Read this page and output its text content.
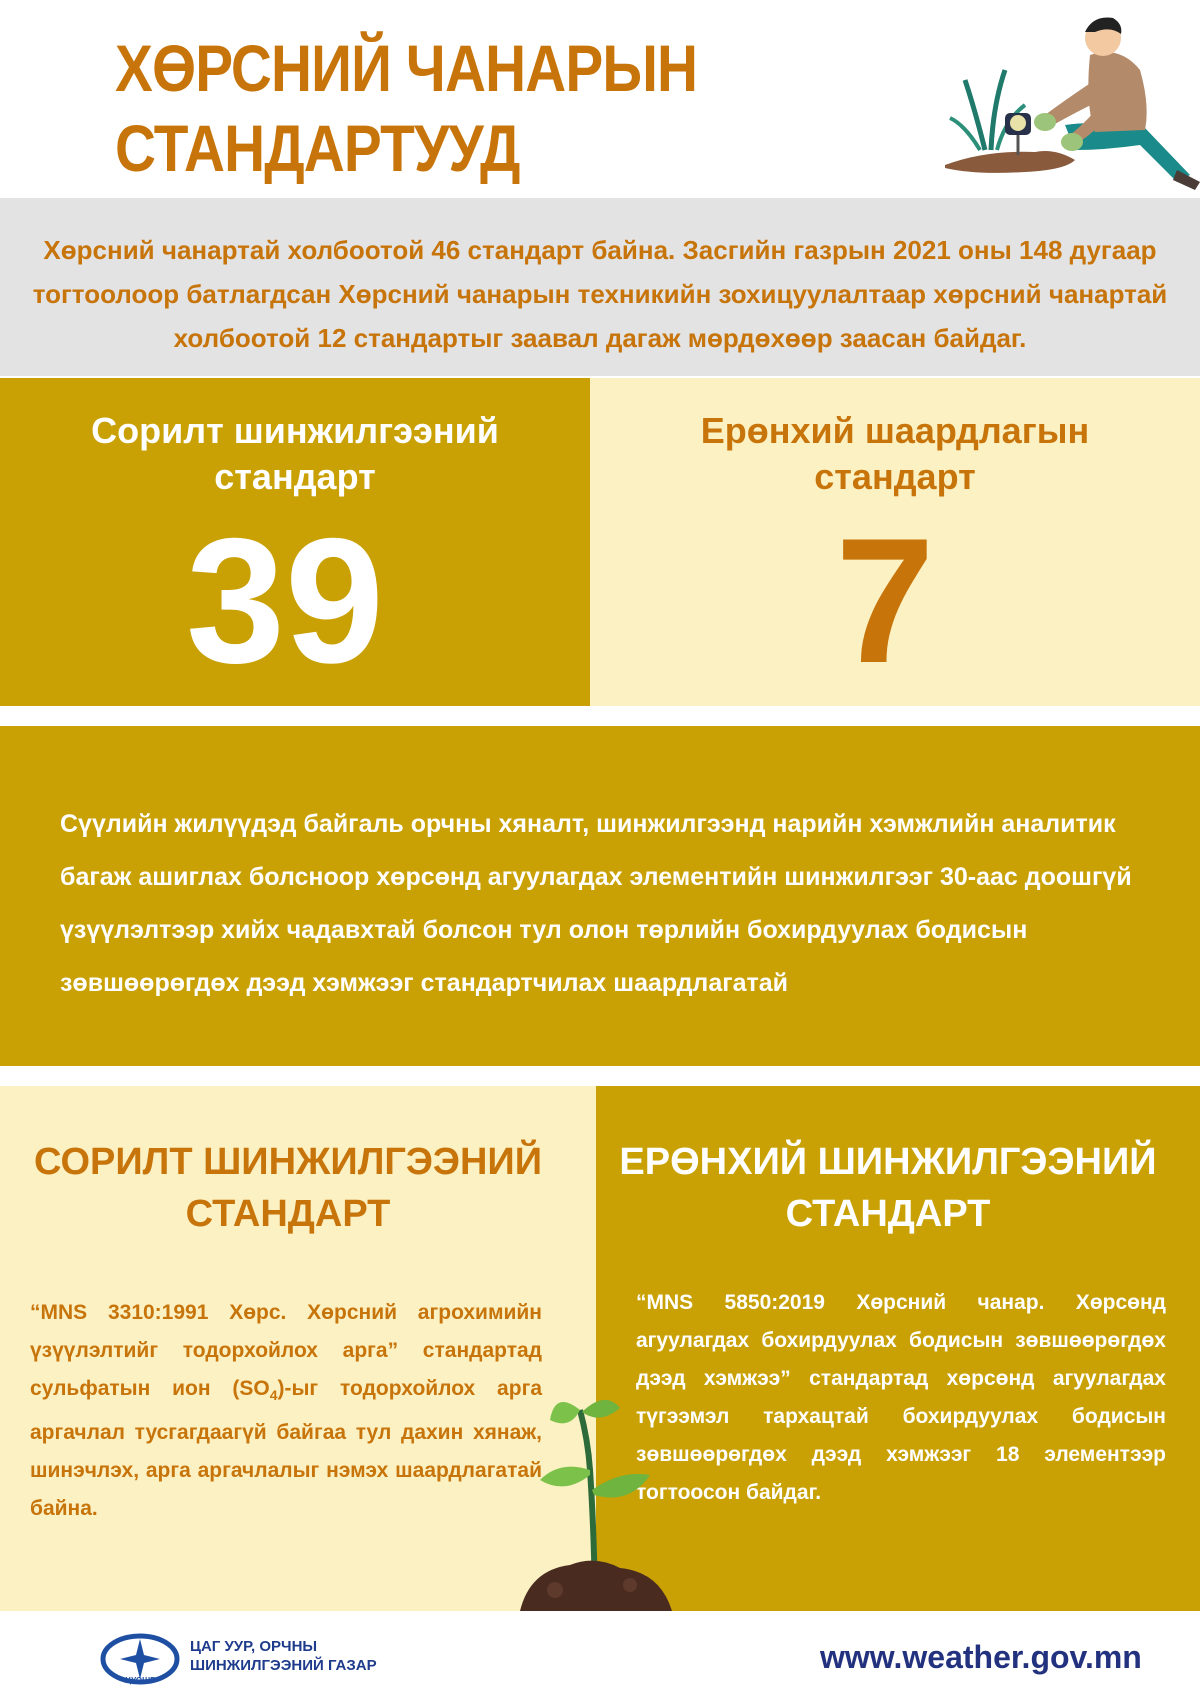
ХӨРСНИЙ ЧАНАРЫН
СТАНДАРТУУД
Хөрсний чанартай холбоотой 46 стандарт байна. Засгийн газрын 2021 оны 148 дугаар тогтоолоор батлагдсан Хөрсний чанарын техникийн зохицуулалтаар хөрсний чанартай холбоотой 12 стандартыг заавал дагаж мөрдөхөөр заасан байдаг.
Сорилт шинжилгээний
стандарт
39
Ерөнхий шаардлагын
стандарт
7
Сүүлийн жилүүдэд байгаль орчны хяналт, шинжилгээнд нарийн хэмжлийн аналитик багаж ашиглах болсноор хөрсөнд агуулагдах элементийн шинжилгээг 30-аас доошгүй үзүүлэлтээр хийх чадавхтай болсон тул олон төрлийн бохирдуулах бодисын зөвшөөрөгдөх дээд хэмжээг стандартчилах шаардлагатай
СОРИЛТ ШИНЖИЛГЭЭНИЙ
СТАНДАРТ
“MNS 3310:1991 Хөрс. Хөрсний агрохимийн үзүүлэлтийг тодорхойлох арга” стандартад сульфатын ион $(SO_4)-ыг$ тодорхойлох арга аргачлал тусгагдаагүй байгаа тул дахин хянаж, шинэчлэх, арга аргачлалыг нэмэх шаардлагатай байна.
ЕРӨНХИЙ ШИНЖИЛГЭЭНИЙ
СТАНДАРТ
“MNS 5850:2019 Хөрсний чанар. Хөрсөнд агуулагдах бохирдуулах бодисын зөвшөөрөгдөх дээд хэмжээ” стандартад хөрсөнд агуулагдах түгээмэл тархацтай бохирдуулах бодисын зөвшөөрөгдөх дээд хэмжээг 18 элементээр тогтоосон байдаг.
ЦУОШГ
ЦАГ УУР, ОРЧНЫ
ШИНЖИЛГЭЭНИЙ ГАЗАР	www.weather.gov.mn
